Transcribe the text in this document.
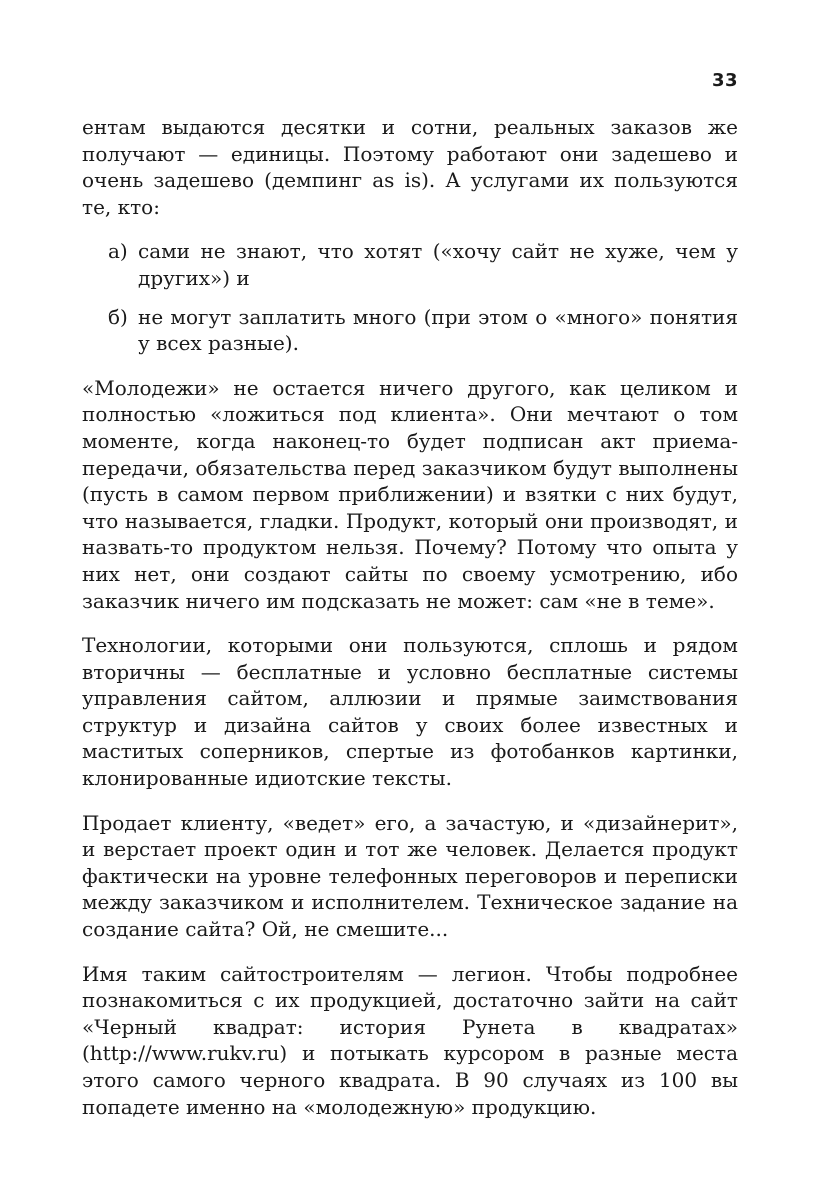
33

ентам выдаются десятки и сотни, реальных заказов же получают — единицы. Поэтому работают они задешево и очень задешево (демпинг as is). А услугами их пользуются те, кто:

а) сами не знают, что хотят («хочу сайт не хуже, чем у других») и
б) не могут заплатить много (при этом о «много» понятия у всех разные).

«Молодежи» не остается ничего другого, как целиком и полностью «ложиться под клиента». Они мечтают о том моменте, когда наконец-то будет подписан акт приема-передачи, обязательства перед заказчиком будут выполнены (пусть в самом первом приближении) и взятки с них будут, что называется, гладки. Продукт, который они производят, и назвать-то продуктом нельзя. Почему? Потому что опыта у них нет, они создают сайты по своему усмотрению, ибо заказчик ничего им подсказать не может: сам «не в теме».

Технологии, которыми они пользуются, сплошь и рядом вторичны — бесплатные и условно бесплатные системы управления сайтом, аллюзии и прямые заимствования структур и дизайна сайтов у своих более известных и маститых соперников, спертые из фотобанков картинки, клонированные идиотские тексты.

Продает клиенту, «ведет» его, а зачастую, и «дизайнерит», и верстает проект один и тот же человек. Делается продукт фактически на уровне телефонных переговоров и переписки между заказчиком и исполнителем. Техническое задание на создание сайта? Ой, не смешите...

Имя таким сайтостроителям — легион. Чтобы подробнее познакомиться с их продукцией, достаточно зайти на сайт «Черный квадрат: история Рунета в квадратах» (http://www.rukv.ru) и потыкать курсором в разные места этого самого черного квадрата. В 90 случаях из 100 вы попадете именно на «молодежную» продукцию.
